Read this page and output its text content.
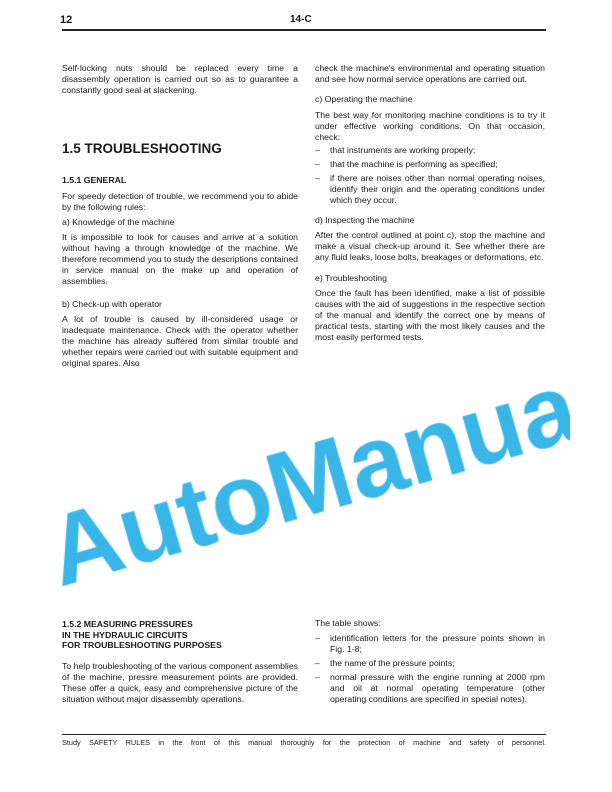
12	14-C
Self-locking nuts should be replaced every time a disassembly operation is carried out so as to guarantee a constantly good seal at slackening.
1.5 TROUBLESHOOTING
1.5.1 GENERAL
For speedy detection of trouble, we recommend you to abide by the following rules:
a) Knowledge of the machine
It is impossible to look for causes and arrive at a solution without having a through knowledge of the machine. We therefore recommend you to study the descriptions contained in service manual on the make up and operation of assemblies.
b) Check-up with operator
A lot of trouble is caused by ill-considered usage or inadequate maintenance. Check with the operator whether the machine has already suffered from similar trouble and whether repairs were carried out with suitable equipment and original spares. Also
check the machine's environmental and operating situation and see how normal service operations are carried out.
c) Operating the machine
The best way for monitoring machine conditions is to try it under effective working conditions. On that occasion, check:
– that instruments are working properly;
– that the machine is performing as specified;
– if there are noises other than normal operating noises, identify their origin and the operating conditions under which they occur.
d) Inspecting the machine
After the control outlined at point c), stop the machine and make a visual check-up around it. See whether there are any fluid leaks, loose bolts, breakages or deformations, etc.
e) Troubleshooting
Once the fault has been identified, make a list of possible causes with the aid of suggestions in the respective section of the manual and identify the correct one by means of practical tests, starting with the most likely causes and the most easily performed tests.
1.5.2 MEASURING PRESSURES
IN THE HYDRAULIC CIRCUITS
FOR TROUBLESHOOTING PURPOSES
To help troubleshooting of the various component assemblies of the machine, pressre measurement points are provided. These offer a quick, easy and comprehensive picture of the situation without major disassembly operations.
The table shows:
– identification letters for the pressure points shown in Fig. 1-8;
– the name of the pressure points;
– normal pressure with the engine running at 2000 rpm and oil at normal operating temperature (other operating conditions are specified in special notes).
Study SAFETY RULES in the front of this manual thoroughly for the protection of machine and safety of personnel.
